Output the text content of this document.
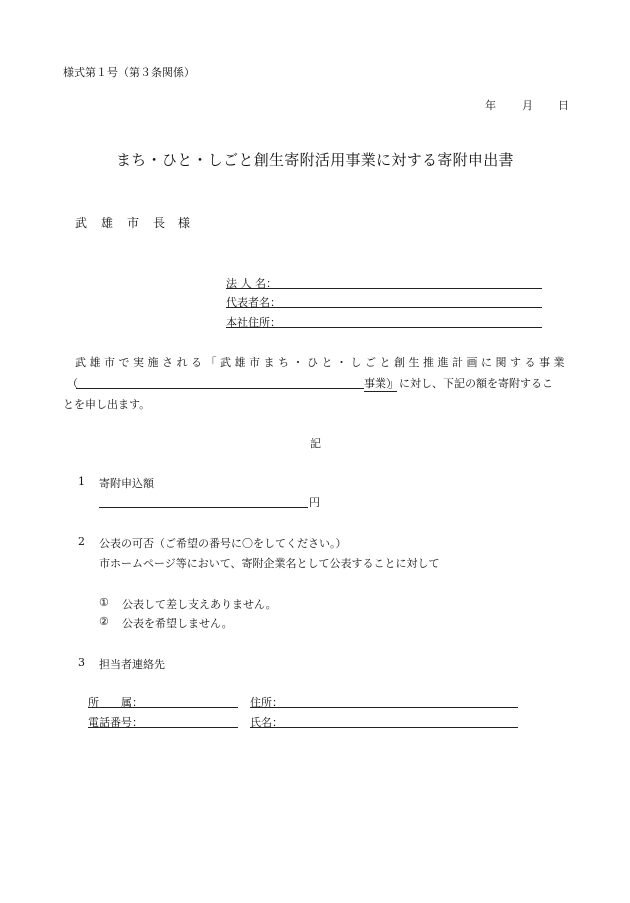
様式第１号（第３条関係）
年 月 日
まち・ひと・しごと創生寄附活用事業に対する寄附申出書
武　雄　市　長 様
法 人 名：
代表者名：
本社住所：
武雄市で実施される「武雄市まち・ひと・しごと創生推進計画に関する事業
（	事業）
」に対し、下記の額を寄附するこ
とを申し出ます。
記
1 寄附申込額
円
2 公表の可否（ご希望の番号に〇をしてください。）
市ホームページ等において、寄附企業名として公表することに対して
① 公表して差し支えありません。
② 公表を希望しません。
3 担当者連絡先
所　　属：	住所：
電話番号：	氏名：
